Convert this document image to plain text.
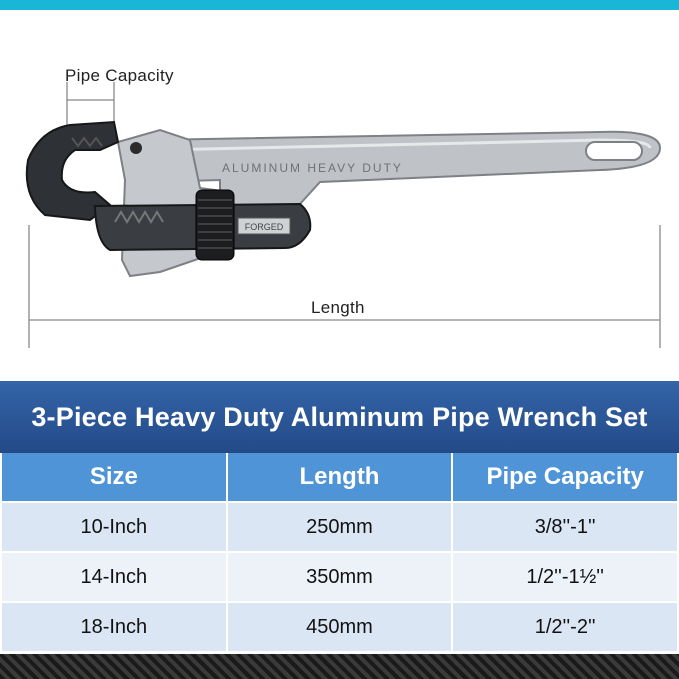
FORGED
ALUMINUM HEAVY DUTY
Pipe Capacity
Length
3-Piece Heavy Duty Aluminum Pipe Wrench Set
Size	Length	Pipe Capacity
10-Inch	250mm	3/8''-1''
14-Inch	350mm	1/2''-1½''
18-Inch	450mm	1/2''-2''
